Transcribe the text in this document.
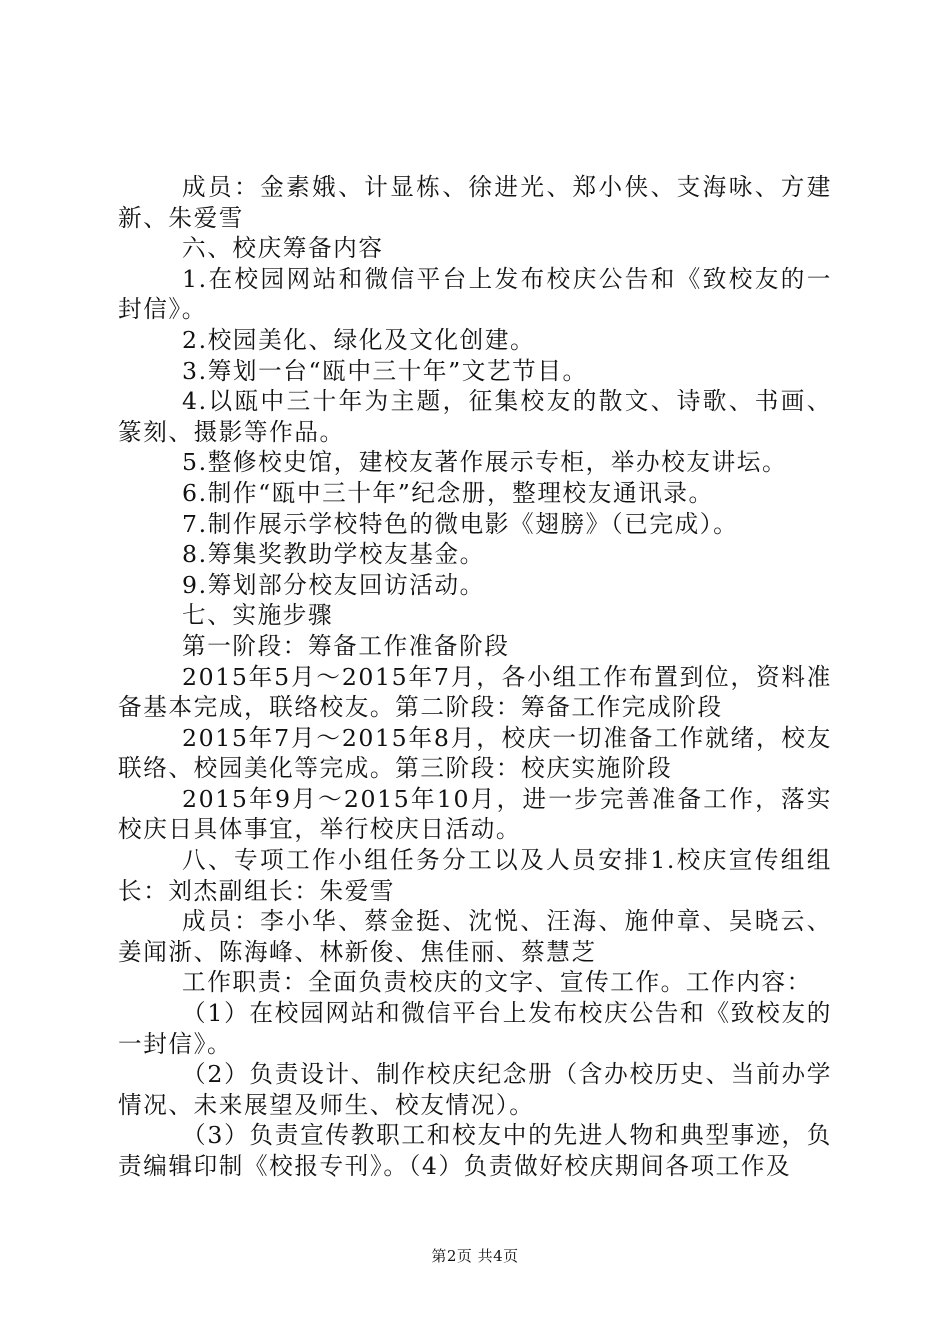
成员：金素娥、计显栋、徐进光、郑小侠、支海咏、方建新、朱爱雪

六、校庆筹备内容

1.在校园网站和微信平台上发布校庆公告和《致校友的一封信》。

2.校园美化、绿化及文化创建。

3.筹划一台“瓯中三十年”文艺节目。

4.以瓯中三十年为主题，征集校友的散文、诗歌、书画、篆刻、摄影等作品。

5.整修校史馆，建校友著作展示专柜，举办校友讲坛。

6.制作“瓯中三十年”纪念册，整理校友通讯录。

7.制作展示学校特色的微电影《翅膀》（已完成）。

8.筹集奖教助学校友基金。

9.筹划部分校友回访活动。

七、实施步骤

第一阶段：筹备工作准备阶段

2015年5月～2015年7月，各小组工作布置到位，资料准备基本完成，联络校友。第二阶段：筹备工作完成阶段

2015年7月～2015年8月，校庆一切准备工作就绪，校友联络、校园美化等完成。第三阶段：校庆实施阶段

2015年9月～2015年10月，进一步完善准备工作，落实校庆日具体事宜，举行校庆日活动。

八、专项工作小组任务分工以及人员安排1.校庆宣传组组长：刘杰副组长：朱爱雪

成员：李小华、蔡金挺、沈悦、汪海、施仲章、吴晓云、姜闻浙、陈海峰、林新俊、焦佳丽、蔡慧芝

工作职责：全面负责校庆的文字、宣传工作。工作内容：

（1）在校园网站和微信平台上发布校庆公告和《致校友的一封信》。

（2）负责设计、制作校庆纪念册（含办校历史、当前办学情况、未来展望及师生、校友情况）。

（3）负责宣传教职工和校友中的先进人物和典型事迹，负责编辑印制《校报专刊》。（4）负责做好校庆期间各项工作及

第2页 共4页
